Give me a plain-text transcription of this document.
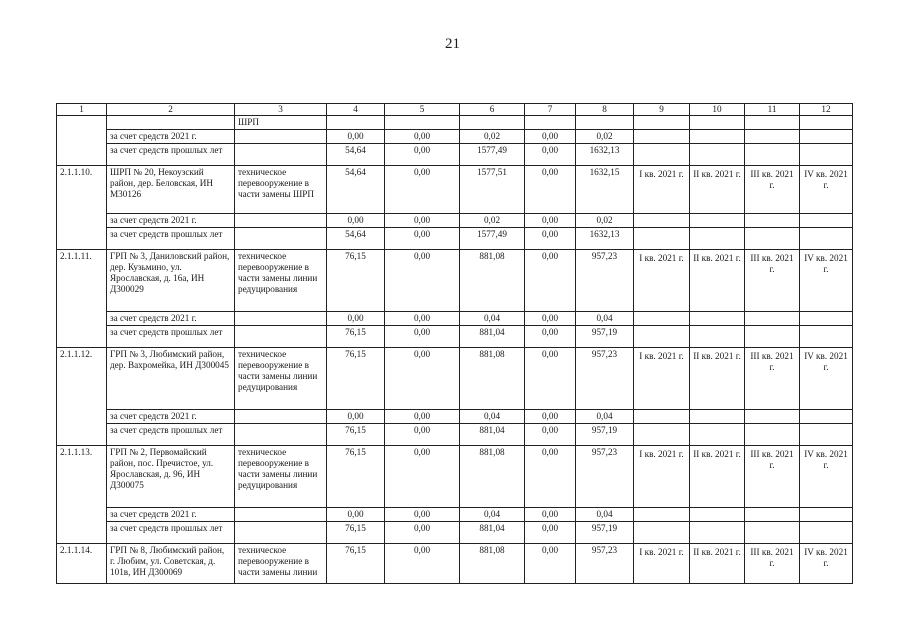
21
1	2	3	4	5	6	7	8	9	10	11	12
		ШРП									
	за счет средств 2021 г.		0,00	0,00	0,02	0,00	0,02				
	за счет средств прошлых лет		54,64	0,00	1577,49	0,00	1632,13				
2.1.1.10.	ШРП № 20, Некоузский район, дер. Беловская, ИН М30126	техническое перевооружение в части замены ШРП	54,64	0,00	1577,51	0,00	1632,15	I кв. 2021 г.	II кв. 2021 г.	III кв. 2021 г.	IV кв. 2021 г.
	за счет средств 2021 г.		0,00	0,00	0,02	0,00	0,02				
	за счет средств прошлых лет		54,64	0,00	1577,49	0,00	1632,13				
2.1.1.11.	ГРП № 3, Даниловский район, дер. Кузьмино, ул. Ярославская, д. 16а, ИН Д300029	техническое перевооружение в части замены линии редуцирования	76,15	0,00	881,08	0,00	957,23	I кв. 2021 г.	II кв. 2021 г.	III кв. 2021 г.	IV кв. 2021 г.
	за счет средств 2021 г.		0,00	0,00	0,04	0,00	0,04				
	за счет средств прошлых лет		76,15	0,00	881,04	0,00	957,19				
2.1.1.12.	ГРП № 3, Любимский район, дер. Вахромейка, ИН Д300045	техническое перевооружение в части замены линии редуцирования	76,15	0,00	881,08	0,00	957,23	I кв. 2021 г.	II кв. 2021 г.	III кв. 2021 г.	IV кв. 2021 г.
	за счет средств 2021 г.		0,00	0,00	0,04	0,00	0,04				
	за счет средств прошлых лет		76,15	0,00	881,04	0,00	957,19				
2.1.1.13.	ГРП № 2, Первомайский район, пос. Пречистое, ул. Ярославская, д. 96, ИН Д300075	техническое перевооружение в части замены линии редуцирования	76,15	0,00	881,08	0,00	957,23	I кв. 2021 г.	II кв. 2021 г.	III кв. 2021 г.	IV кв. 2021 г.
	за счет средств 2021 г.		0,00	0,00	0,04	0,00	0,04				
	за счет средств прошлых лет		76,15	0,00	881,04	0,00	957,19				
2.1.1.14.	ГРП № 8, Любимский район, г. Любим, ул. Советская, д. 101в, ИН Д300069	техническое перевооружение в части замены линии	76,15	0,00	881,08	0,00	957,23	I кв. 2021 г.	II кв. 2021 г.	III кв. 2021 г.	IV кв. 2021 г.
